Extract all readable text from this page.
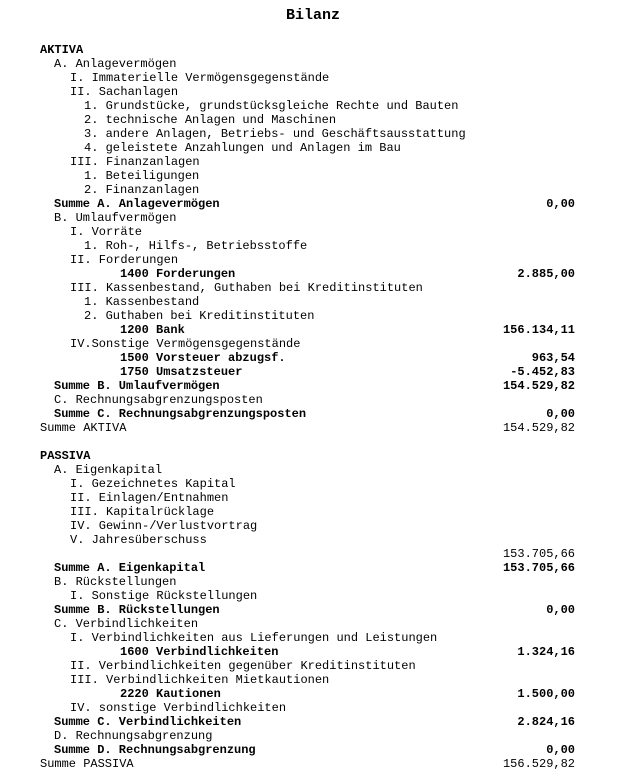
Bilanz
AKTIVA
A. Anlagevermögen
I. Immaterielle Vermögensgegenstände
II. Sachanlagen
1. Grundstücke, grundstücksgleiche Rechte und Bauten
2. technische Anlagen und Maschinen
3. andere Anlagen, Betriebs- und Geschäftsausstattung
4. geleistete Anzahlungen und Anlagen im Bau
III. Finanzanlagen
1. Beteiligungen
2. Finanzanlagen
Summe A. Anlagevermögen	0,00
B. Umlaufvermögen
I. Vorräte
1. Roh-, Hilfs-, Betriebsstoffe
II. Forderungen
1400 Forderungen	2.885,00
III. Kassenbestand, Guthaben bei Kreditinstituten
1. Kassenbestand
2. Guthaben bei Kreditinstituten
1200 Bank	156.134,11
IV.Sonstige Vermögensgegenstände
1500 Vorsteuer abzugsf.	963,54
1750 Umsatzsteuer	-5.452,83
Summe B. Umlaufvermögen	154.529,82
C. Rechnungsabgrenzungsposten
Summe C. Rechnungsabgrenzungsposten	0,00
Summe AKTIVA	154.529,82
PASSIVA
A. Eigenkapital
I. Gezeichnetes Kapital
II. Einlagen/Entnahmen
III. Kapitalrücklage
IV. Gewinn-/Verlustvortrag
V. Jahresüberschuss
153.705,66
Summe A. Eigenkapital	153.705,66
B. Rückstellungen
I. Sonstige Rückstellungen
Summe B. Rückstellungen	0,00
C. Verbindlichkeiten
I. Verbindlichkeiten aus Lieferungen und Leistungen
1600 Verbindlichkeiten	1.324,16
II. Verbindlichkeiten gegenüber Kreditinstituten
III. Verbindlichkeiten Mietkautionen
2220 Kautionen	1.500,00
IV. sonstige Verbindlichkeiten
Summe C. Verbindlichkeiten	2.824,16
D. Rechnungsabgrenzung
Summe D. Rechnungsabgrenzung	0,00
Summe PASSIVA	156.529,82
